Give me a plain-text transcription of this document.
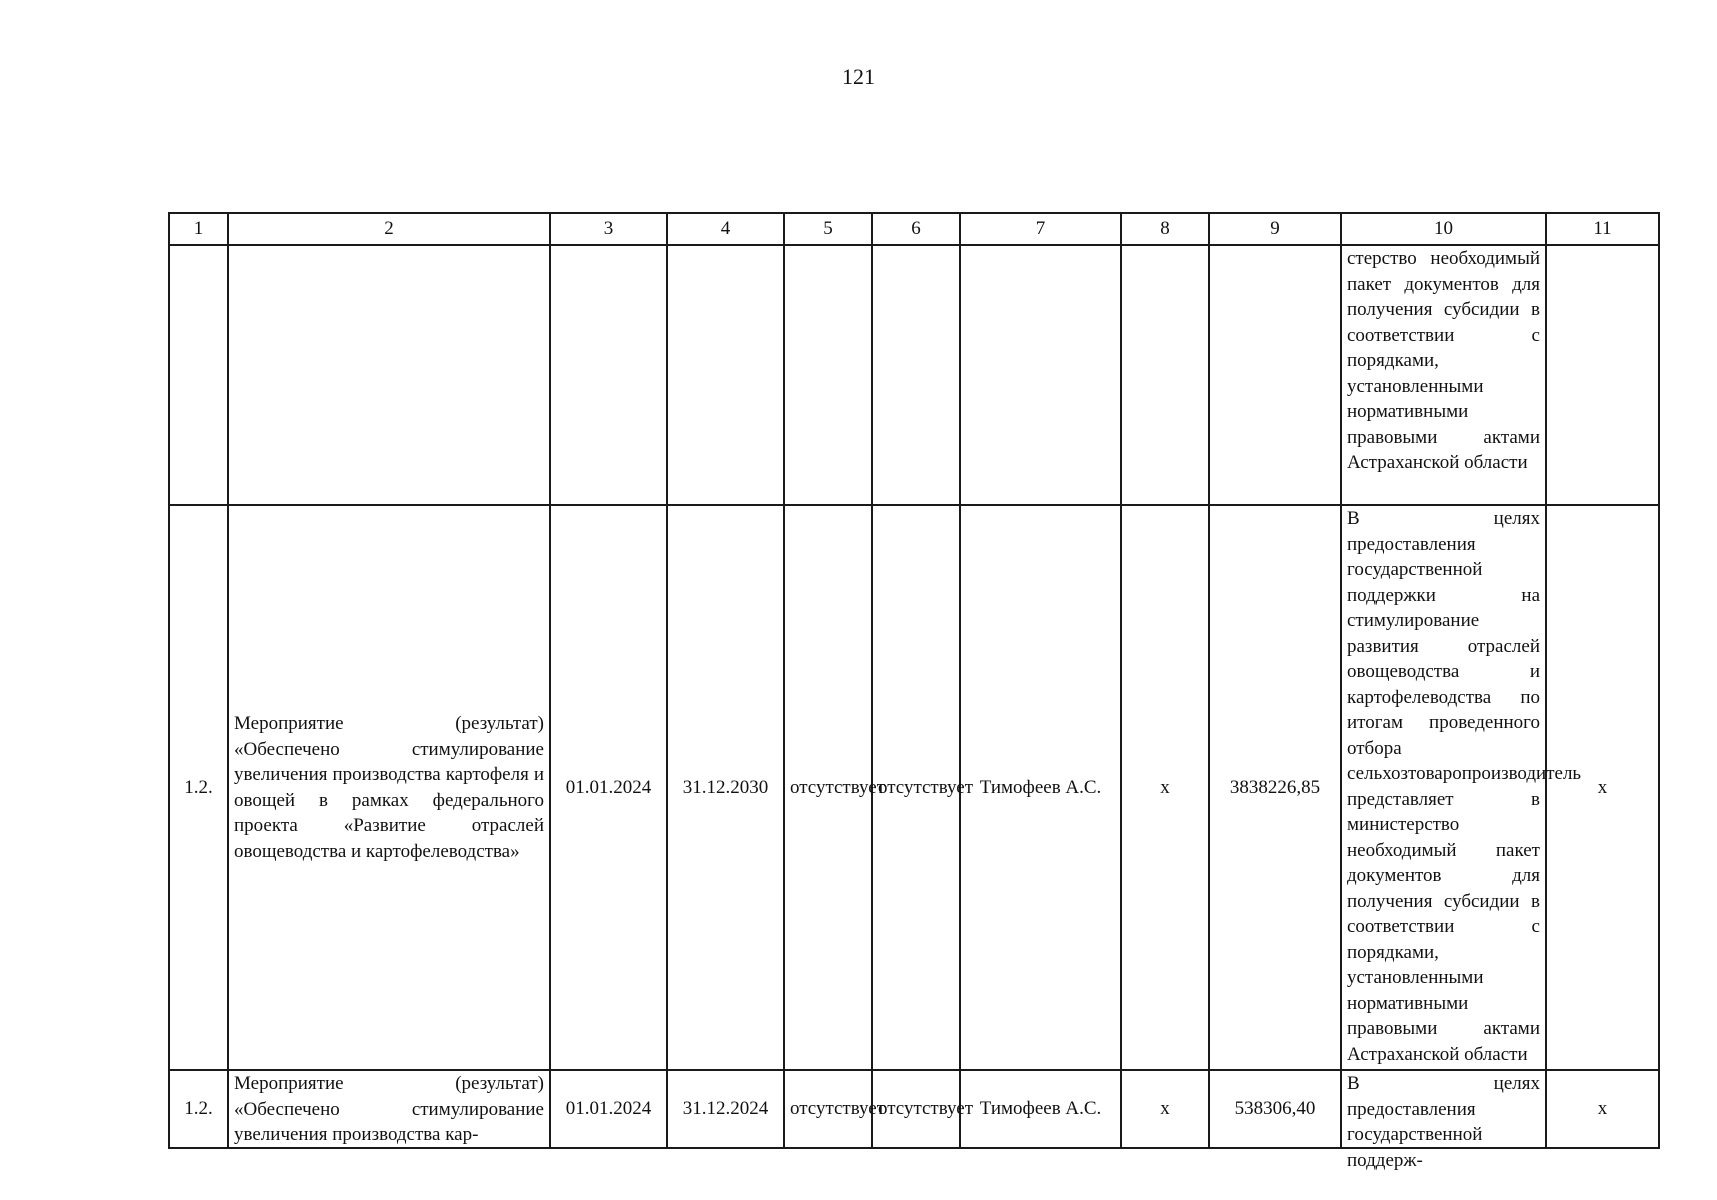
121
1	2	3	4	5	6	7	8	9	10	11
									стерство необходимый пакет документов для получения субсидии в соответствии с порядками, установленными нормативными правовыми актами Астраханской области	
1.2.	Мероприятие (результат) «Обеспечено стимулирование увеличения производства картофеля и овощей в рамках федерального проекта «Развитие отраслей овощеводства и картофелеводства»	01.01.2024	31.12.2030	отсутствует	отсутствует	Тимофеев А.С.	x	3838226,85	В целях предоставления государственной поддержки на стимулирование развития отраслей овощеводства и картофелеводства по итогам проведенного отбора сельхозтоваропроизводитель представляет в министерство необходимый пакет документов для получения субсидии в соответствии с порядками, установленными нормативными правовыми актами Астраханской области	x
1.2.	Мероприятие (результат) «Обеспечено стимулирование увеличения производства кар-	01.01.2024	31.12.2024	отсутствует	отсутствует	Тимофеев А.С.	x	538306,40	В целях предоставления государственной поддерж-	x
